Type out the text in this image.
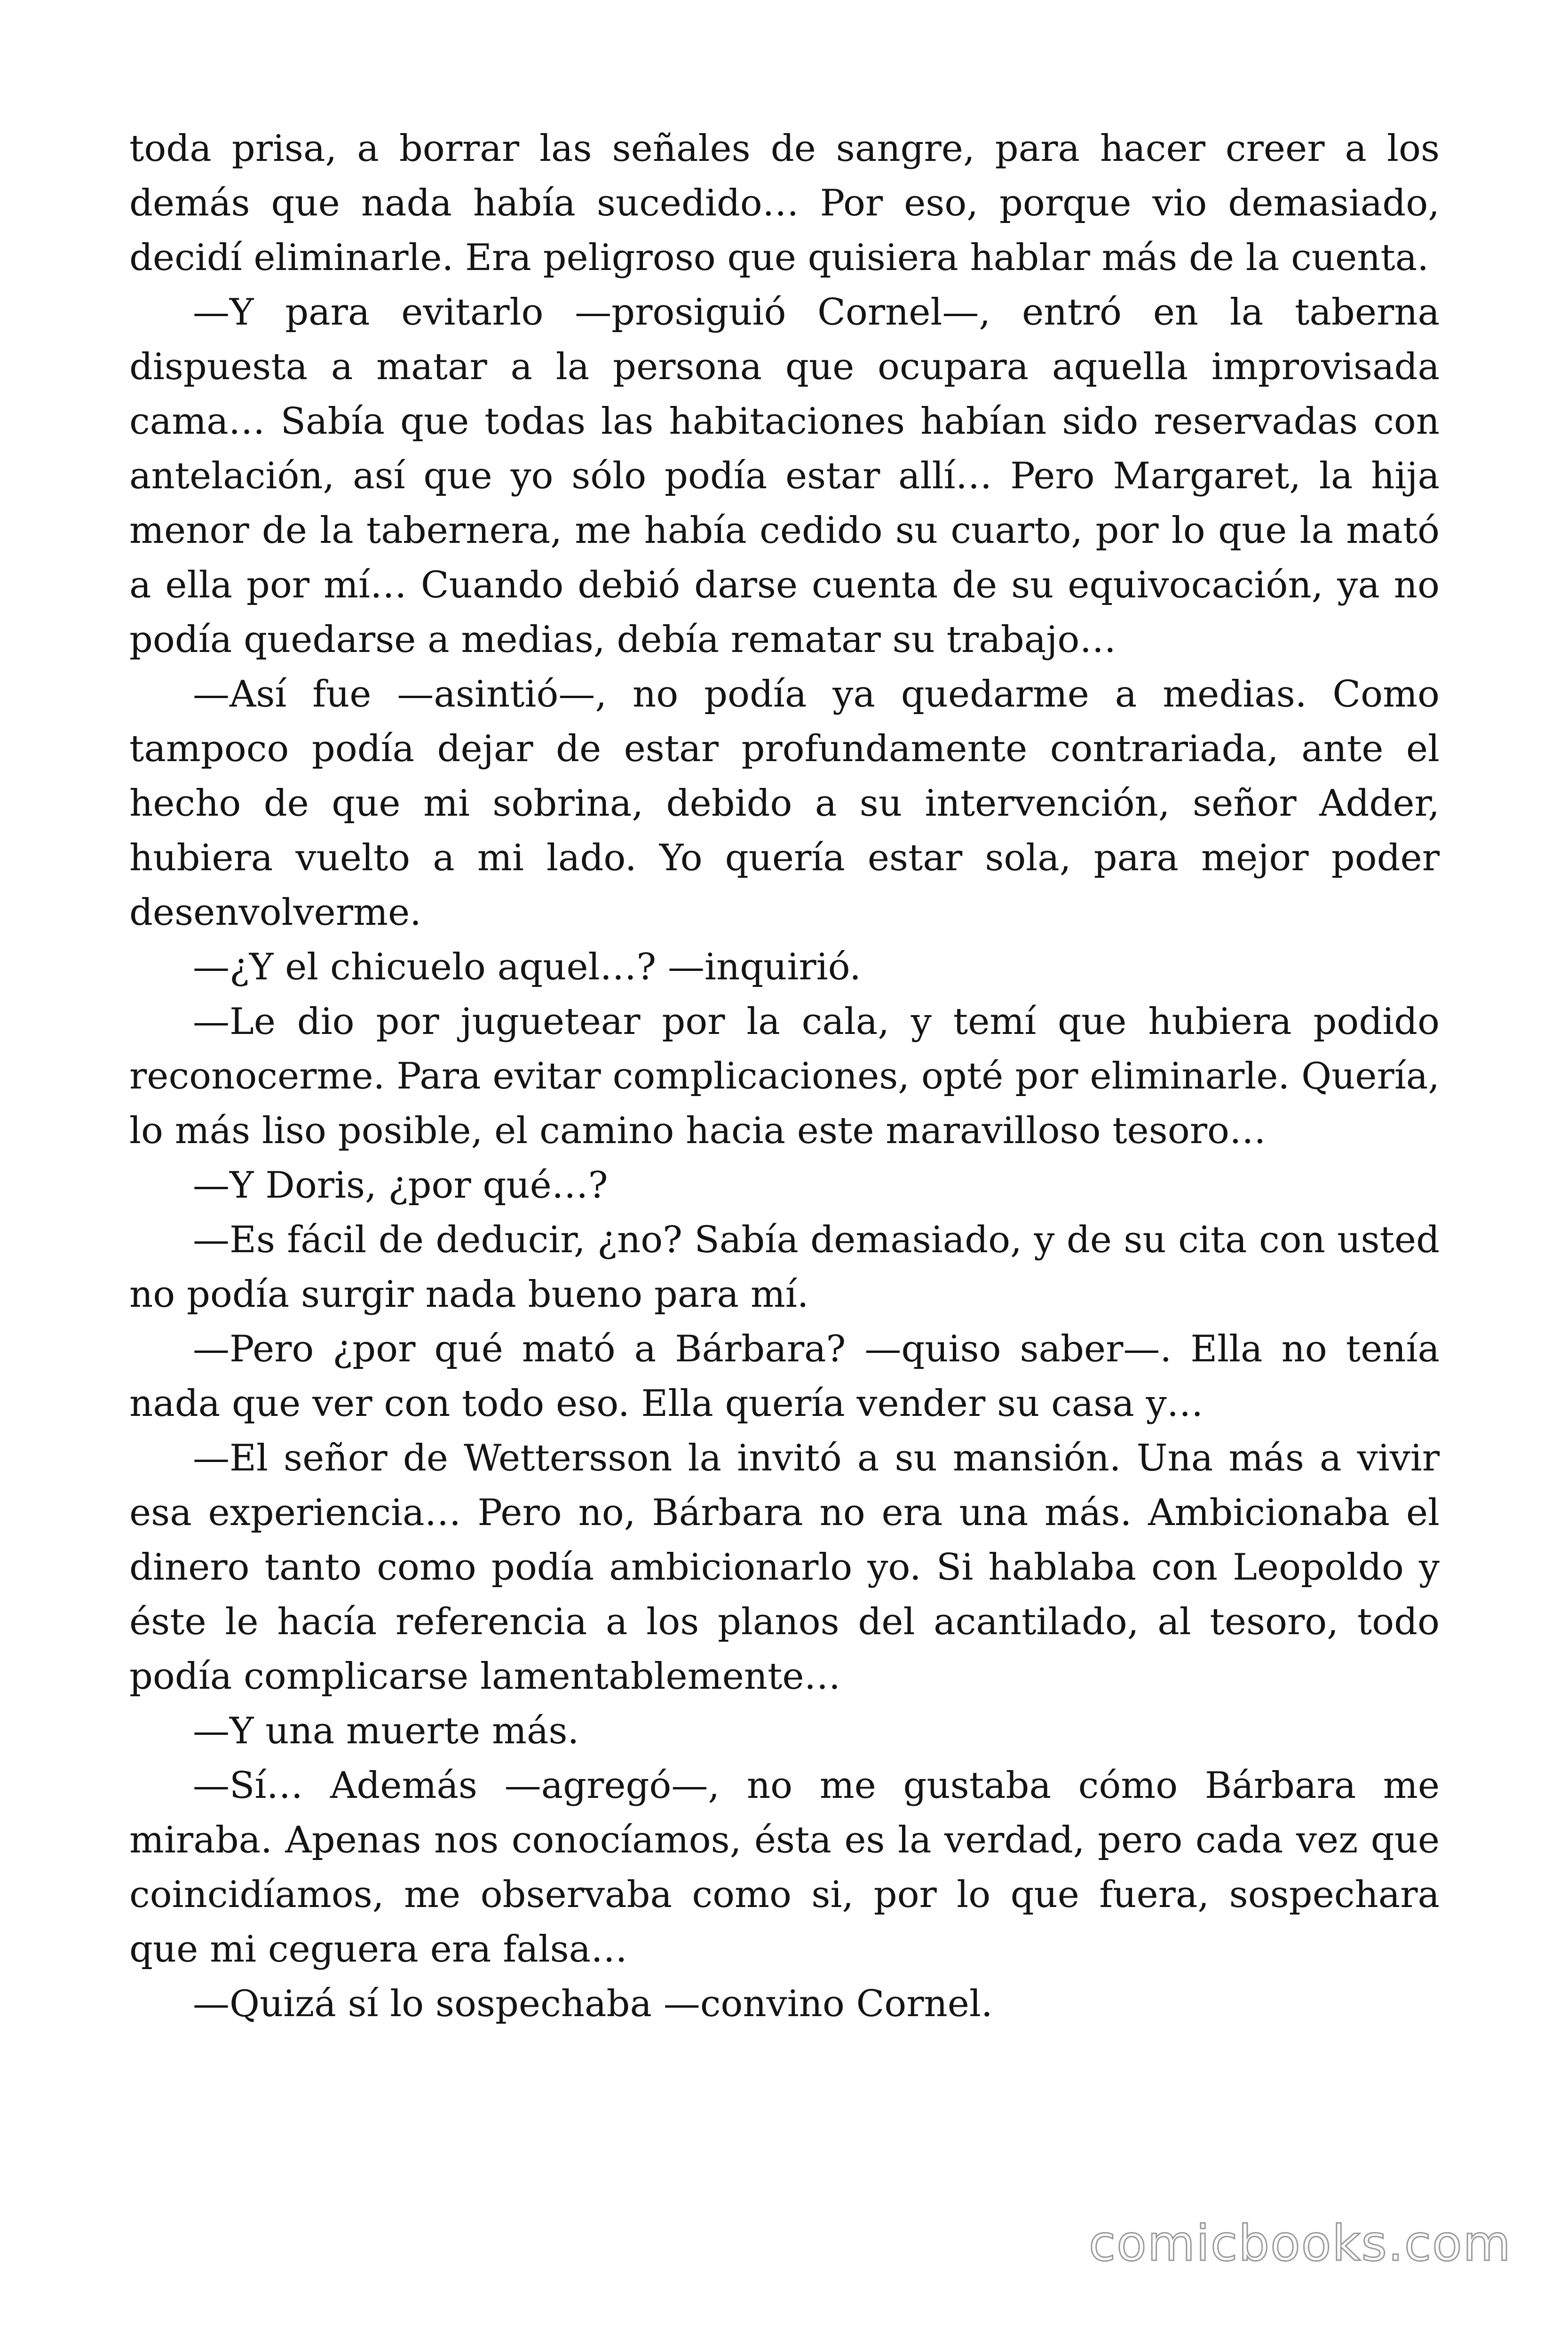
toda prisa, a borrar las señales de sangre, para hacer creer a los demás que nada había sucedido… Por eso, porque vio demasiado, decidí eliminarle. Era peligroso que quisiera hablar más de la cuenta.

—Y para evitarlo —prosiguió Cornel—, entró en la taberna dispuesta a matar a la persona que ocupara aquella improvisada cama… Sabía que todas las habitaciones habían sido reservadas con antelación, así que yo sólo podía estar allí… Pero Margaret, la hija menor de la tabernera, me había cedido su cuarto, por lo que la mató a ella por mí… Cuando debió darse cuenta de su equivocación, ya no podía quedarse a medias, debía rematar su trabajo…

—Así fue —asintió—, no podía ya quedarme a medias. Como tampoco podía dejar de estar profundamente contrariada, ante el hecho de que mi sobrina, debido a su intervención, señor Adder, hubiera vuelto a mi lado. Yo quería estar sola, para mejor poder desenvolverme.

—¿Y el chicuelo aquel…? —inquirió.

—Le dio por juguetear por la cala, y temí que hubiera podido reconocerme. Para evitar complicaciones, opté por eliminarle. Quería, lo más liso posible, el camino hacia este maravilloso tesoro…

—Y Doris, ¿por qué…?

—Es fácil de deducir, ¿no? Sabía demasiado, y de su cita con usted no podía surgir nada bueno para mí.

—Pero ¿por qué mató a Bárbara? —quiso saber—. Ella no tenía nada que ver con todo eso. Ella quería vender su casa y…

—El señor de Wettersson la invitó a su mansión. Una más a vivir esa experiencia… Pero no, Bárbara no era una más. Ambicionaba el dinero tanto como podía ambicionarlo yo. Si hablaba con Leopoldo y éste le hacía referencia a los planos del acantilado, al tesoro, todo podía complicarse lamentablemente…

—Y una muerte más.

—Sí… Además —agregó—, no me gustaba cómo Bárbara me miraba. Apenas nos conocíamos, ésta es la verdad, pero cada vez que coincidíamos, me observaba como si, por lo que fuera, sospechara que mi ceguera era falsa…

—Quizá sí lo sospechaba —convino Cornel.

comicbooks.com
